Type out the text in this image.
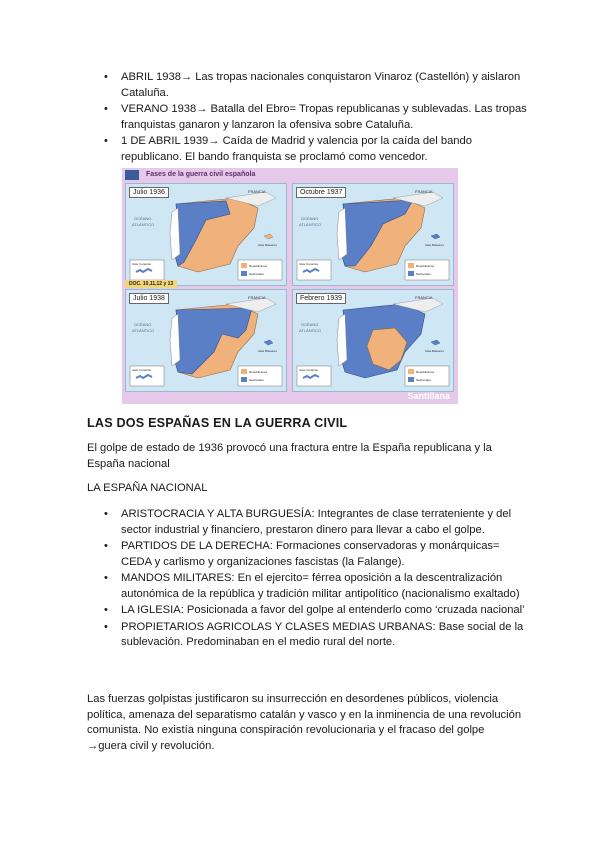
• ABRIL 1938→ Las tropas nacionales conquistaron Vinaroz (Castellón) y aislaron Cataluña.
• VERANO 1938→ Batalla del Ebro= Tropas republicanas y sublevadas. Las tropas franquistas ganaron y lanzaron la ofensiva sobre Cataluña.
• 1 DE ABRIL 1939→ Caída de Madrid y valencia por la caída del bando republicano. El bando franquista se proclamó como vencedor.
Fases de la guerra civil española
FRANCIA
OCÉANO
ATLÁNTICO
Islas Canarias
Islas Baleares
Republicanos
Nacionales
Julio 1936	FRANCIA
OCÉANO
ATLÁNTICO
Islas Canarias
Islas Baleares
Republicanos
Nacionales
Octubre 1937
DOC. 10,11,12 y 13
FRANCIA
OCÉANO
ATLÁNTICO
Islas Canarias
Islas Baleares
Republicanos
Nacionales
Julio 1938	FRANCIA
OCÉANO
ATLÁNTICO
Islas Canarias
Islas Baleares
Republicanos
Nacionales
Febrero 1939
Santillana
LAS DOS ESPAÑAS EN LA GUERRA CIVIL
El golpe de estado de 1936 provocó una fractura entre la España republicana y la España nacional
LA ESPAÑA NACIONAL
• ARISTOCRACIA Y ALTA BURGUESÍA: Integrantes de clase terrateniente y del sector industrial y financiero, prestaron dinero para llevar a cabo el golpe.
• PARTIDOS DE LA DERECHA: Formaciones conservadoras y monárquicas= CEDA y carlismo y organizaciones fascistas (la Falange).
• MANDOS MILITARES: En el ejercito= férrea oposición a la descentralización autonómica de la república y tradición militar antipolítico (nacionalismo exaltado)
• LA IGLESIA: Posicionada a favor del golpe al entenderlo como ‘cruzada nacional’
• PROPIETARIOS AGRICOLAS Y CLASES MEDIAS URBANAS: Base social de la sublevación. Predominaban en el medio rural del norte.
Las fuerzas golpistas justificaron su insurrección en desordenes públicos, violencia política, amenaza del separatismo catalán y vasco y en la inminencia de una revolución comunista. No existía ninguna conspiración revolucionaria y el fracaso del golpe →guera civil y revolución.
